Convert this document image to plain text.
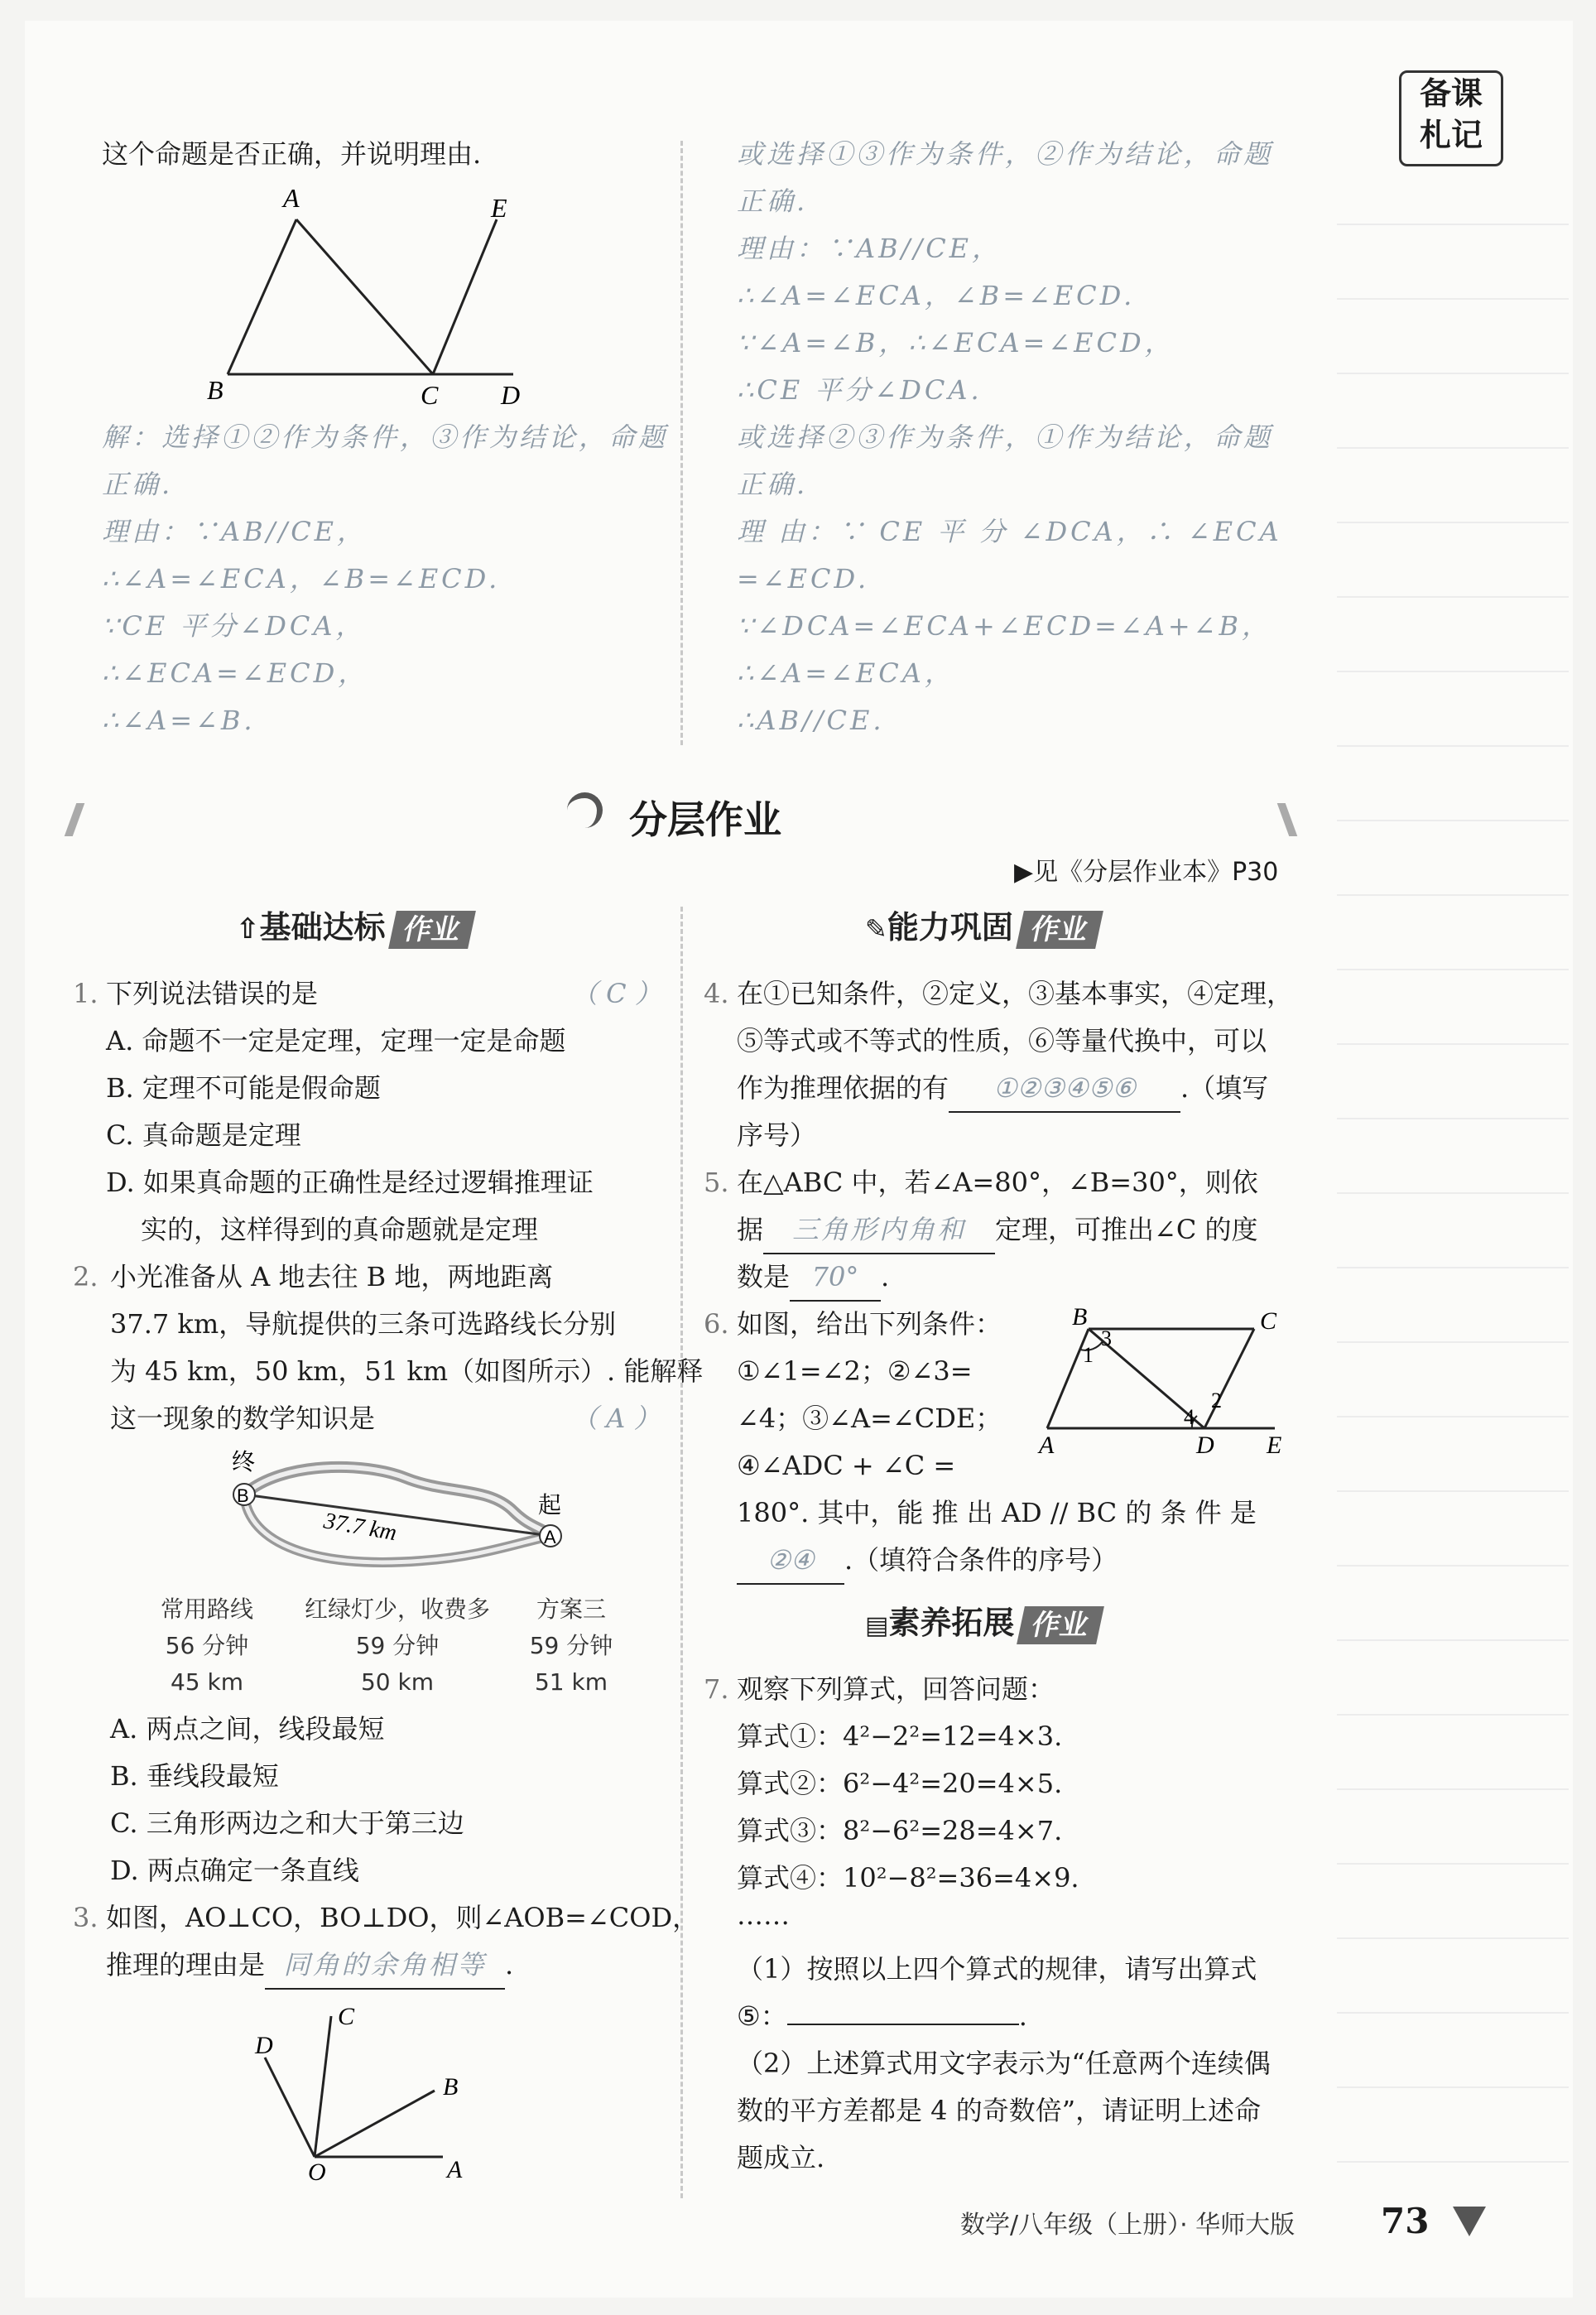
备课
札记
这个命题是否正确，并说明理由.
A	E
B	C D
解：选择①②作为条件，③作为结论，命题
正确.
理由：∵AB//CE，
∴∠A=∠ECA，∠B=∠ECD.
∵CE 平分∠DCA，
∴∠ECA=∠ECD，
∴∠A=∠B.
或选择①③作为条件，②作为结论，命题
正确.
理由：∵AB//CE，
∴∠A=∠ECA，∠B=∠ECD.
∵∠A=∠B，∴∠ECA=∠ECD，
∴CE 平分∠DCA.
或选择②③作为条件，①作为结论，命题
正确.
理 由：∵ CE 平 分 ∠DCA，∴ ∠ECA
=∠ECD.
∵∠DCA=∠ECA+∠ECD=∠A+∠B，
∴∠A=∠ECA，
∴AB//CE.
分层作业
▶见《分层作业本》P30
⇧基础达标 作业	✎能力巩固 作业
1. 下列说法错误的是	（ C ）
A. 命题不一定是定理，定理一定是命题
B. 定理不可能是假命题
C. 真命题是定理
D. 如果真命题的正确性是经过逻辑推理证
实的，这样得到的真命题就是定理
2. 小光准备从 A 地去往 B 地，两地距离
37.7 km，导航提供的三条可选路线长分别
为 45 km，50 km，51 km（如图所示）. 能解释
这一现象的数学知识是	（ A ）
B
A
终
起
37.7 km
常用路线
56 分钟
45 km
红绿灯少，收费多
59 分钟
50 km
方案三
59 分钟
51 km
A. 两点之间，线段最短
B. 垂线段最短
C. 三角形两边之和大于第三边
D. 两点确定一条直线
3. 如图，AO⊥CO，BO⊥DO，则∠AOB=∠COD，
推理的理由是 同角的余角相等 .
D
C
B
O	A
4. 在①已知条件，②定义，③基本事实，④定理，
⑤等式或不等式的性质，⑥等量代换中，可以
作为推理依据的有 ①②③④⑤⑥ .（填写
序号）
5. 在△ABC 中，若∠A=80°，∠B=30°，则依
据 三角形内角和 定理，可推出∠C 的度
数是 70° .
6. 如图，给出下列条件：
①∠1=∠2；②∠3=
∠4；③∠A=∠CDE；
④∠ADC + ∠C =
180°. 其中，能 推 出 AD // BC 的 条 件 是
②④ .（填符合条件的序号）
B	C
A	D E
1
3
2
4
▤素养拓展 作业
7. 观察下列算式，回答问题：
算式①：4²−2²=12=4×3.
算式②：6²−4²=20=4×5.
算式③：8²−6²=28=4×7.
算式④：10²−8²=36=4×9.
……
（1）按照以上四个算式的规律，请写出算式
⑤：	.
（2）上述算式用文字表示为“任意两个连续偶
数的平方差都是 4 的奇数倍”，请证明上述命
题成立.
数学/八年级（上册）· 华师大版 73
